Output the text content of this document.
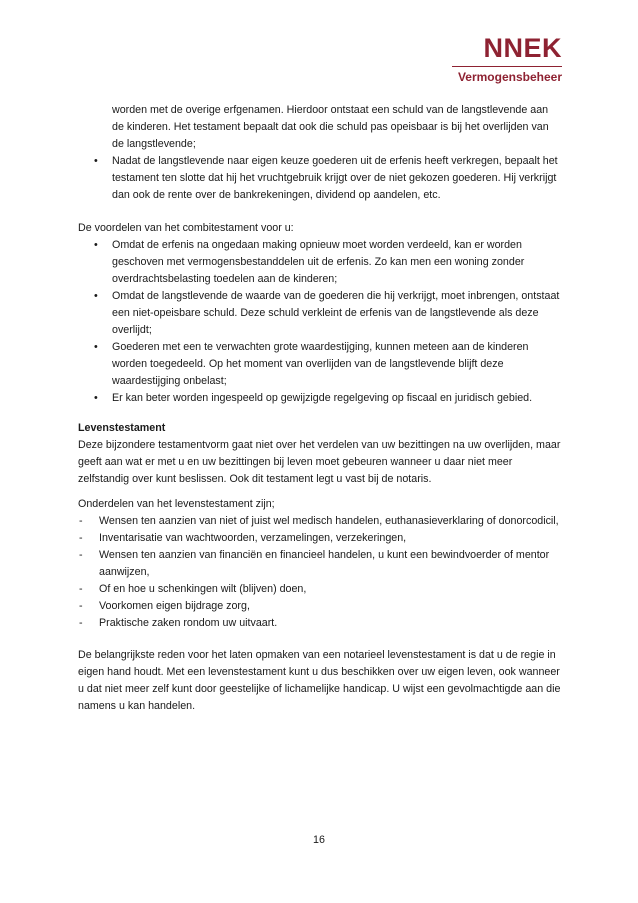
NNEK
Vermogensbeheer

worden met de overige erfgenamen. Hierdoor ontstaat een schuld van de langstlevende aan de kinderen. Het testament bepaalt dat ook die schuld pas opeisbaar is bij het overlijden van de langstlevende;

• Nadat de langstlevende naar eigen keuze goederen uit de erfenis heeft verkregen, bepaalt het testament ten slotte dat hij het vruchtgebruik krijgt over de niet gekozen goederen. Hij verkrijgt dan ook de rente over de bankrekeningen, dividend op aandelen, etc.

De voordelen van het combitestament voor u:

• Omdat de erfenis na ongedaan making opnieuw moet worden verdeeld, kan er worden geschoven met vermogensbestanddelen uit de erfenis. Zo kan men een woning zonder overdrachtsbelasting toedelen aan de kinderen;
• Omdat de langstlevende de waarde van de goederen die hij verkrijgt, moet inbrengen, ontstaat een niet-opeisbare schuld. Deze schuld verkleint de erfenis van de langstlevende als deze overlijdt;
• Goederen met een te verwachten grote waardestijging, kunnen meteen aan de kinderen worden toegedeeld. Op het moment van overlijden van de langstlevende blijft deze waardestijging onbelast;
• Er kan beter worden ingespeeld op gewijzigde regelgeving op fiscaal en juridisch gebied.

Levenstestament

Deze bijzondere testamentvorm gaat niet over het verdelen van uw bezittingen na uw overlijden, maar geeft aan wat er met u en uw bezittingen bij leven moet gebeuren wanneer u daar niet meer zelfstandig over kunt beslissen. Ook dit testament legt u vast bij de notaris.

Onderdelen van het levenstestament zijn;

- Wensen ten aanzien van niet of juist wel medisch handelen, euthanasieverklaring of donorcodicil,
- Inventarisatie van wachtwoorden, verzamelingen, verzekeringen,
- Wensen ten aanzien van financiën en financieel handelen, u kunt een bewindvoerder of mentor aanwijzen,
- Of en hoe u schenkingen wilt (blijven) doen,
- Voorkomen eigen bijdrage zorg,
- Praktische zaken rondom uw uitvaart.

De belangrijkste reden voor het laten opmaken van een notarieel levenstestament is dat u de regie in eigen hand houdt. Met een levenstestament kunt u dus beschikken over uw eigen leven, ook wanneer u dat niet meer zelf kunt door geestelijke of lichamelijke handicap. U wijst een gevolmachtigde aan die namens u kan handelen.

16
